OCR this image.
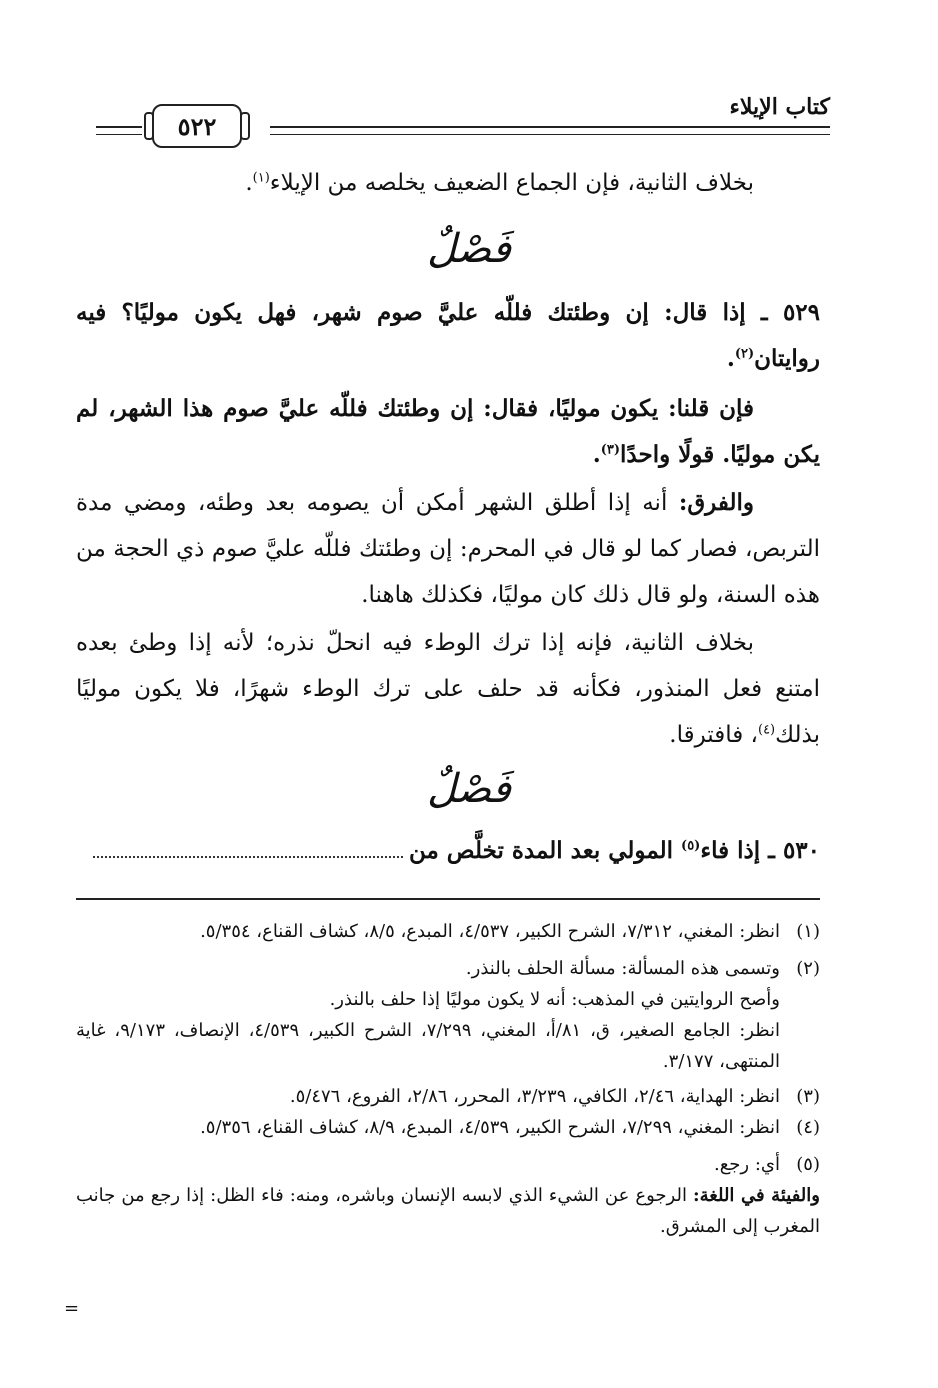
كتاب الإيلاء
٥٢٢

بخلاف الثانية، فإن الجماع الضعيف يخلصه من الإيلاء$^{(١)}$.

فَصْلٌ

٥٢٩ ـ إذا قال: إن وطئتك فللّه عليَّ صوم شهر، فهل يكون موليًا؟ فيه روايتان$^{(٢)}$.

فإن قلنا: يكون موليًا، فقال: إن وطئتك فللّه عليَّ صوم هذا الشهر، لم يكن موليًا. قولًا واحدًا$^{(٣)}$.

والفرق: أنه إذا أطلق الشهر أمكن أن يصومه بعد وطئه، ومضي مدة التربص، فصار كما لو قال في المحرم: إن وطئتك فللّه عليَّ صوم ذي الحجة من هذه السنة، ولو قال ذلك كان موليًا، فكذلك هاهنا.

بخلاف الثانية، فإنه إذا ترك الوطء فيه انحلّ نذره؛ لأنه إذا وطئ بعده امتنع فعل المنذور، فكأنه قد حلف على ترك الوطء شهرًا، فلا يكون موليًا بذلك$^{(٤)}$، فافترقا.

فَصْلٌ

٥٣٠ ـ إذا فاء$^{(٥)}$ المولي بعد المدة تخلَّص من

(١)

انظر: المغني، ٧/٣١٢، الشرح الكبير، ٤/٥٣٧، المبدع، ٨/٥، كشاف القناع، ٥/٣٥٤.

(٢)

وتسمى هذه المسألة: مسألة الحلف بالنذر.

وأصح الروايتين في المذهب: أنه لا يكون موليًا إذا حلف بالنذر.

انظر: الجامع الصغير، ق، ٨١/أ، المغني، ٧/٢٩٩، الشرح الكبير، ٤/٥٣٩، الإنصاف، ٩/١٧٣، غاية المنتهى، ٣/١٧٧.

(٣)

انظر: الهداية، ٢/٤٦، الكافي، ٣/٢٣٩، المحرر، ٢/٨٦، الفروع، ٥/٤٧٦.

(٤)

انظر: المغني، ٧/٢٩٩، الشرح الكبير، ٤/٥٣٩، المبدع، ٨/٩، كشاف القناع، ٥/٣٥٦.

(٥)

أي: رجع.

والفيئة في اللغة: الرجوع عن الشيء الذي لابسه الإنسان وباشره، ومنه: فاء الظل: إذا رجع من جانب المغرب إلى المشرق.

=
